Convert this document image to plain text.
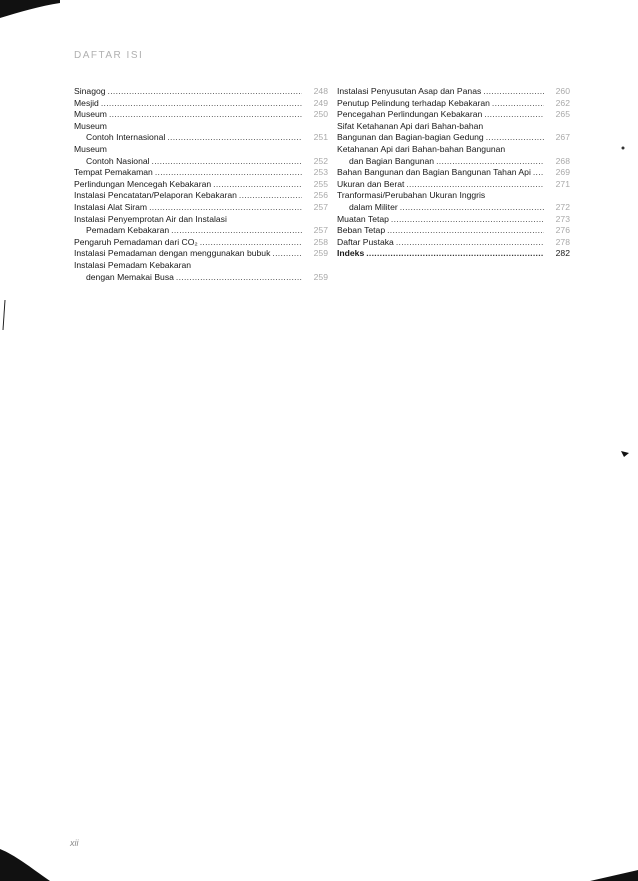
DAFTAR ISI
Sinagog .....	248
Mesjid .....	249
Museum .....	250
Museum
Contoh Internasional .....	251
Museum
Contoh Nasional .....	252
Tempat Pemakaman .....	253
Perlindungan Mencegah Kebakaran .....	255
Instalasi Pencatatan/Pelaporan Kebakaran .....	256
Instalasi Alat Siram .....	257
Instalasi Penyemprotan Air dan Instalasi
Pemadam Kebakaran .....	257
Pengaruh Pemadaman dari CO₂ .....	258
Instalasi Pemadaman dengan menggunakan bubuk .....	259
Instalasi Pemadam Kebakaran
dengan Memakai Busa .....	259
Instalasi Penyusutan Asap dan Panas .....	260
Penutup Pelindung terhadap Kebakaran .....	262
Pencegahan Perlindungan Kebakaran .....	265
Sifat Ketahanan Api dari Bahan-bahan
Bangunan dan Bagian-bagian Gedung .....	267
Ketahanan Api dari Bahan-bahan Bangunan
dan Bagian Bangunan .....	268
Bahan Bangunan dan Bagian Bangunan Tahan Api .....	269
Ukuran dan Berat .....	271
Tranformasi/Perubahan Ukuran Inggris
dalam Militer .....	272
Muatan Tetap .....	273
Beban Tetap .....	276
Daftar Pustaka .....	278
Indeks .....	282
xii
